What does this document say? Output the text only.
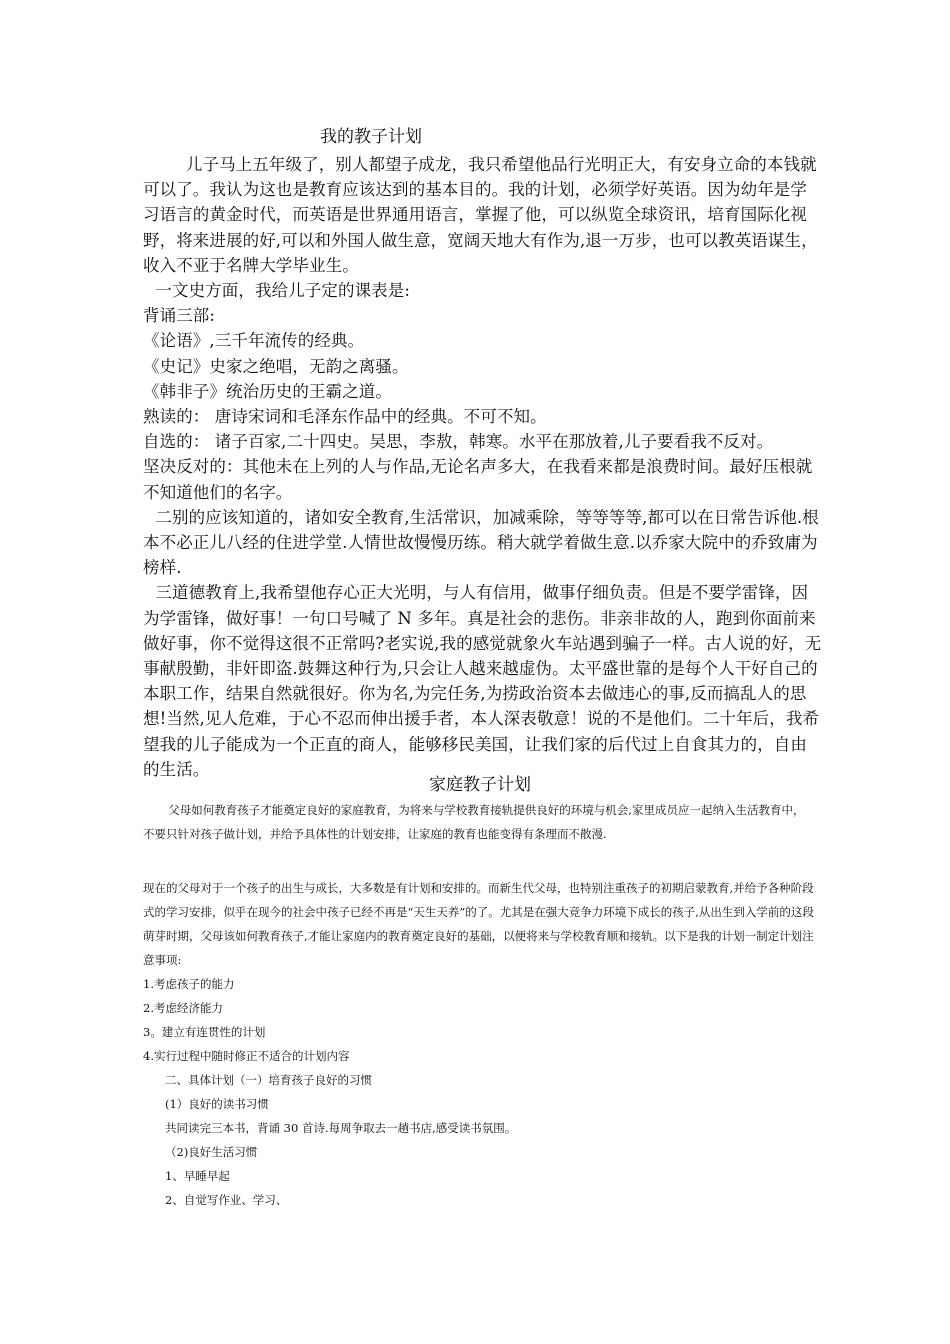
我的教子计划

儿子马上五年级了，别人都望子成龙，我只希望他品行光明正大，有安身立命的本钱就可以了。我认为这也是教育应该达到的基本目的。我的计划，必须学好英语。因为幼年是学习语言的黄金时代，而英语是世界通用语言，掌握了他，可以纵览全球资讯，培育国际化视野，将来进展的好,可以和外国人做生意，宽阔天地大有作为,退一万步，也可以教英语谋生，收入不亚于名牌大学毕业生。

一文史方面，我给儿子定的课表是:

背诵三部:

《论语》,三千年流传的经典。

《史记》史家之绝唱，无韵之离骚。

《韩非子》统治历史的王霸之道。

熟读的： 唐诗宋词和毛泽东作品中的经典。不可不知。

自选的： 诸子百家,二十四史。吴思，李敖，韩寒。水平在那放着,儿子要看我不反对。

坚决反对的：其他未在上列的人与作品,无论名声多大，在我看来都是浪费时间。最好压根就不知道他们的名字。

二别的应该知道的，诸如安全教育,生活常识，加减乘除，等等等等,都可以在日常告诉他.根本不必正儿八经的住进学堂.人情世故慢慢历练。稍大就学着做生意.以乔家大院中的乔致庸为榜样.

三道德教育上,我希望他存心正大光明，与人有信用，做事仔细负责。但是不要学雷锋，因为学雷锋，做好事！一句口号喊了 N 多年。真是社会的悲伤。非亲非故的人，跑到你面前来做好事，你不觉得这很不正常吗?老实说,我的感觉就象火车站遇到骗子一样。古人说的好，无事献殷勤，非奸即盗.鼓舞这种行为,只会让人越来越虚伪。太平盛世靠的是每个人干好自己的本职工作，结果自然就很好。你为名,为完任务,为捞政治资本去做违心的事,反而搞乱人的思想!当然,见人危难，于心不忍而伸出援手者，本人深表敬意！说的不是他们。二十年后，我希望我的儿子能成为一个正直的商人，能够移民美国，让我们家的后代过上自食其力的，自由的生活。

家庭教子计划

父母如何教育孩子才能奠定良好的家庭教育，为将来与学校教育接轨提供良好的环境与机会,家里成员应一起纳入生活教育中，不要只针对孩子做计划，并给予具体性的计划安排，让家庭的教育也能变得有条理而不散漫.

现在的父母对于一个孩子的出生与成长，大多数是有计划和安排的。而新生代父母，也特别注重孩子的初期启蒙教育,并给予各种阶段式的学习安排，似乎在现今的社会中孩子已经不再是“天生天养”的了。尤其是在强大竞争力环境下成长的孩子,从出生到入学前的这段萌芽时期，父母该如何教育孩子,才能让家庭内的教育奠定良好的基础，以便将来与学校教育顺和接轨。以下是我的计划一制定计划注意事项:

1.考虑孩子的能力

2.考虑经济能力

3。建立有连贯性的计划

4.实行过程中随时修正不适合的计划内容

二、具体计划（一）培育孩子良好的习惯

(1）良好的读书习惯

共同读完三本书，背诵 30 首诗.每周争取去一趟书店,感受读书氛围。

（2)良好生活习惯

1、早睡早起

2、自觉写作业、学习、
